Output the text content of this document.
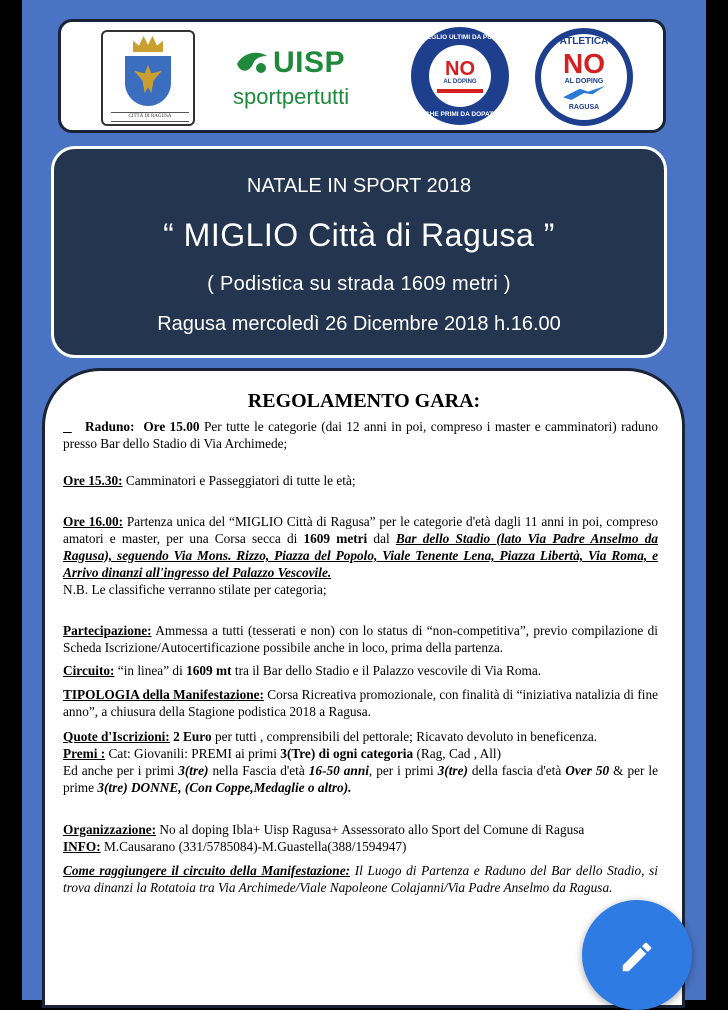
CITTÀ DI RAGUSA
UISP
sportpertutti
MEGLIO ULTIMI DA PURI
NO
AL DOPING
CHE PRIMI DA DOPATI
ATLETICA
NO
AL DOPING
RAGUSA
NATALE IN SPORT 2018
“ MIGLIO Città di Ragusa ”
( Podistica su strada 1609 metri )
Ragusa mercoledì 26 Dicembre 2018 h.16.00
REGOLAMENTO GARA:
Raduno: Ore 15.00 Per tutte le categorie (dai 12 anni in poi, compreso i master e camminatori) raduno presso Bar dello Stadio di Via Archimede;
Ore 15.30: Camminatori e Passeggiatori di tutte le età;
Ore 16.00: Partenza unica del “MIGLIO Città di Ragusa” per le categorie d'età dagli 11 anni in poi, compreso amatori e master, per una Corsa secca di 1609 metri dal Bar dello Stadio (lato Via Padre Anselmo da Ragusa), seguendo Via Mons. Rizzo, Piazza del Popolo, Viale Tenente Lena, Piazza Libertà, Via Roma, e Arrivo dinanzi all'ingresso del Palazzo Vescovile.
N.B. Le classifiche verranno stilate per categoria;
Partecipazione: Ammessa a tutti (tesserati e non) con lo status di “non-competitiva”, previo compilazione di Scheda Iscrizione/Autocertificazione possibile anche in loco, prima della partenza.
Circuito: “in linea” di 1609 mt tra il Bar dello Stadio e il Palazzo vescovile di Via Roma.
TIPOLOGIA della Manifestazione: Corsa Ricreativa promozionale, con finalità di “iniziativa natalizia di fine anno”, a chiusura della Stagione podistica 2018 a Ragusa.
Quote d'Iscrizioni: 2 Euro per tutti , comprensibili del pettorale; Ricavato devoluto in beneficenza.
Premi : Cat: Giovanili: PREMI ai primi 3(Tre) di ogni categoria (Rag, Cad , All)
Ed anche per i primi 3(tre) nella Fascia d'età 16-50 anni, per i primi 3(tre) della fascia d'età Over 50 & per le prime 3(tre) DONNE, (Con Coppe,Medaglie o altro).
Organizzazione: No al doping Ibla+ Uisp Ragusa+ Assessorato allo Sport del Comune di Ragusa
INFO: M.Causarano (331/5785084)-M.Guastella(388/1594947)
Come raggiungere il circuito della Manifestazione: Il Luogo di Partenza e Raduno del Bar dello Stadio, si trova dinanzi la Rotatoia tra Via Archimede/Viale Napoleone Colajanni/Via Padre Anselmo da Ragusa.
